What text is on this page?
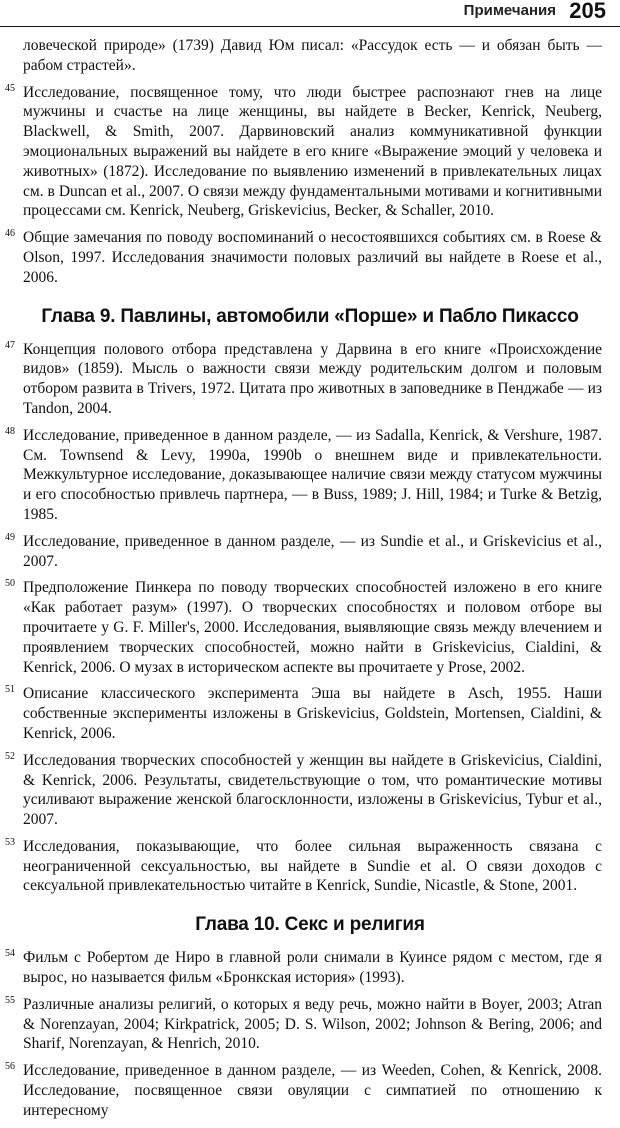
Примечания 205

ловеческой природе» (1739) Давид Юм писал: «Рассудок есть — и обязан быть — рабом страстей».

45 Исследование, посвященное тому, что люди быстрее распознают гнев на лице мужчины и счастье на лице женщины, вы найдете в Becker, Kenrick, Neuberg, Blackwell, & Smith, 2007. Дарвиновский анализ коммуникативной функции эмоциональных выражений вы найдете в его книге «Выражение эмоций у человека и животных» (1872). Исследование по выявлению изменений в привлекательных лицах см. в Duncan et al., 2007. О связи между фундаментальными мотивами и когнитивными процессами см. Kenrick, Neuberg, Griskevicius, Becker, & Schaller, 2010.

46 Общие замечания по поводу воспоминаний о несостоявшихся событиях см. в Roese & Olson, 1997. Исследования значимости половых различий вы найдете в Roese et al., 2006.

Глава 9. Павлины, автомобили «Порше» и Пабло Пикассо

47 Концепция полового отбора представлена у Дарвина в его книге «Происхождение видов» (1859). Мысль о важности связи между родительским долгом и половым отбором развита в Trivers, 1972. Цитата про животных в заповеднике в Пенджабе — из Tandon, 2004.

48 Исследование, приведенное в данном разделе, — из Sadalla, Kenrick, & Vershure, 1987. См. Townsend & Levy, 1990a, 1990b о внешнем виде и привлекательности. Межкультурное исследование, доказывающее наличие связи между статусом мужчины и его способностью привлечь партнера, — в Buss, 1989; J. Hill, 1984; и Turke & Betzig, 1985.

49 Исследование, приведенное в данном разделе, — из Sundie et al., и Griskevicius et al., 2007.

50 Предположение Пинкера по поводу творческих способностей изложено в его книге «Как работает разум» (1997). О творческих способностях и половом отборе вы прочитаете у G. F. Miller's, 2000. Исследования, выявляющие связь между влечением и проявлением творческих способностей, можно найти в Griskevicius, Cialdini, & Kenrick, 2006. О музах в историческом аспекте вы прочитаете у Prose, 2002.

51 Описание классического эксперимента Эша вы найдете в Asch, 1955. Наши собственные эксперименты изложены в Griskevicius, Goldstein, Mortensen, Cialdini, & Kenrick, 2006.

52 Исследования творческих способностей у женщин вы найдете в Griskevicius, Cialdini, & Kenrick, 2006. Результаты, свидетельствующие о том, что романтические мотивы усиливают выражение женской благосклонности, изложены в Griskevicius, Tybur et al., 2007.

53 Исследования, показывающие, что более сильная выраженность связана с неограниченной сексуальностью, вы найдете в Sundie et al. О связи доходов с сексуальной привлекательностью читайте в Kenrick, Sundie, Nicastle, & Stone, 2001.

Глава 10. Секс и религия

54 Фильм с Робертом де Ниро в главной роли снимали в Куинсе рядом с местом, где я вырос, но называется фильм «Бронкская история» (1993).

55 Различные анализы религий, о которых я веду речь, можно найти в Boyer, 2003; Atran & Norenzayan, 2004; Kirkpatrick, 2005; D. S. Wilson, 2002; Johnson & Bering, 2006; and Sharif, Norenzayan, & Henrich, 2010.

56 Исследование, приведенное в данном разделе, — из Weeden, Cohen, & Kenrick, 2008. Исследование, посвященное связи овуляции с симпатией по отношению к интересному
